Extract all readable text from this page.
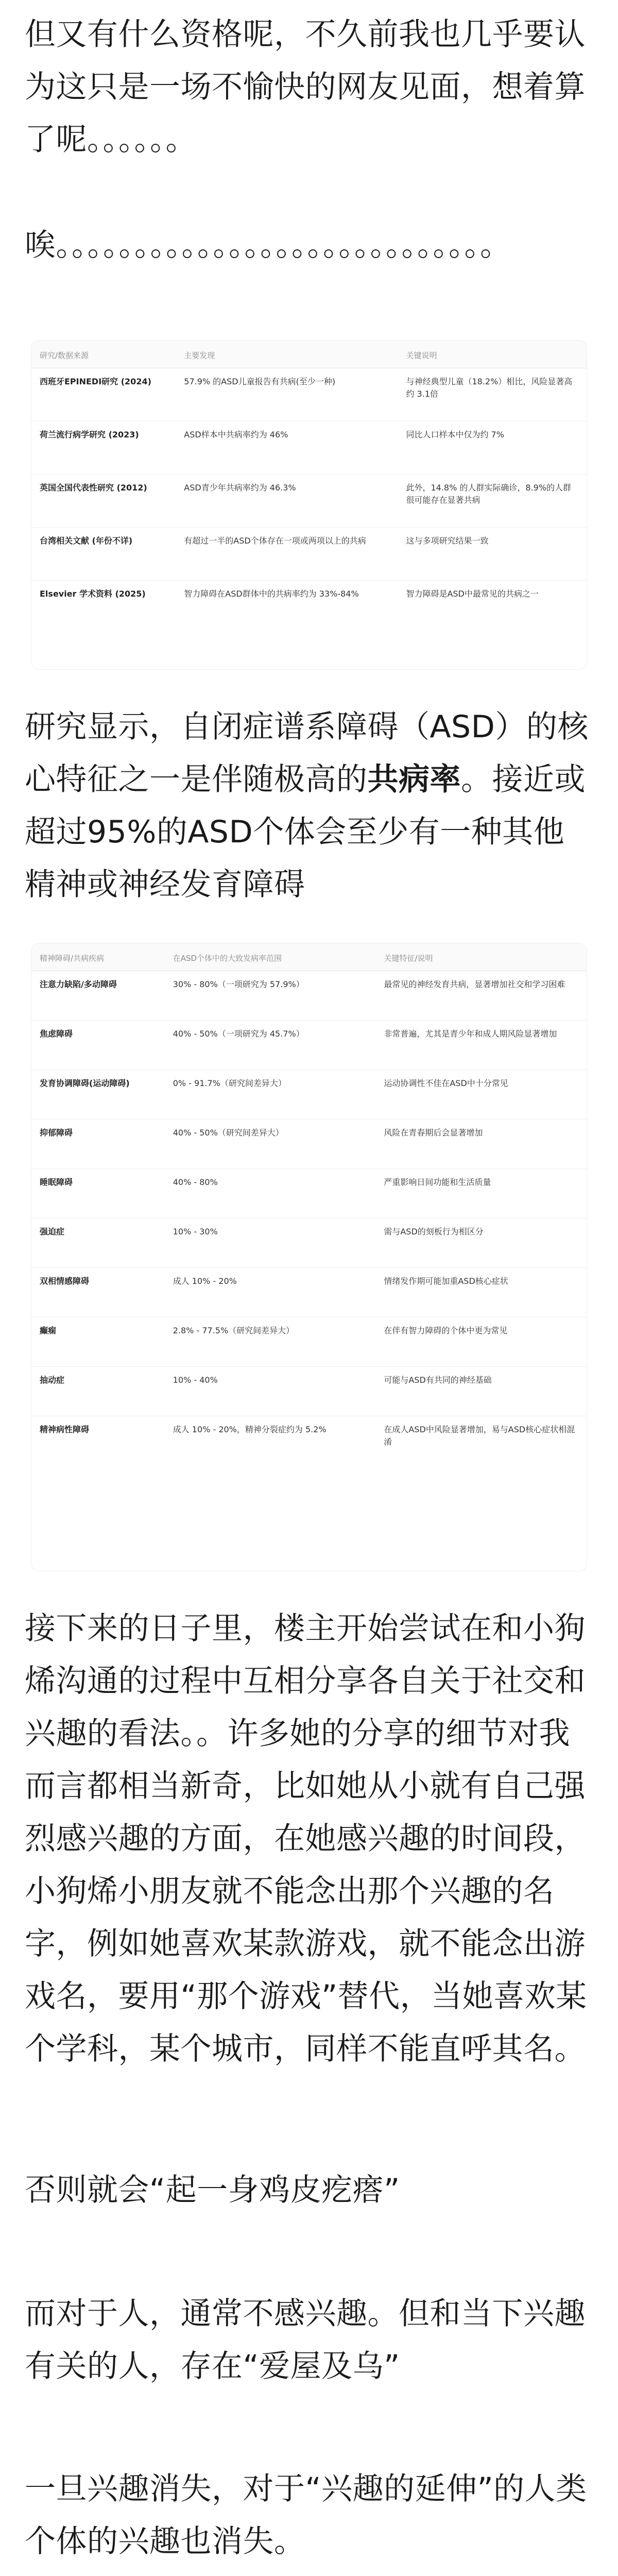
但又有什么资格呢，不久前我也几乎要认为这只是一场不愉快的网友见面，想着算了呢。。。。。。

唉。。。。。。。。。。。。。。。。。。。。。。。。。。。。

研究/数据来源	主要发现	关键说明
西班牙EPINEDI研究 (2024)	57.9% 的ASD儿童报告有共病(至少一种)	与神经典型儿童（18.2%）相比，风险显著高约 3.1倍
荷兰流行病学研究 (2023)	ASD样本中共病率约为 46%	同比人口样本中仅为约 7%
英国全国代表性研究 (2012)	ASD青少年共病率约为 46.3%	此外，14.8% 的人群实际确诊，8.9%的人群很可能存在显著共病
台湾相关文献 (年份不详)	有超过一半的ASD个体存在一项或两项以上的共病	这与多项研究结果一致
Elsevier 学术资料 (2025)	智力障碍在ASD群体中的共病率约为 33%-84%	智力障碍是ASD中最常见的共病之一

研究显示，自闭症谱系障碍（ASD）的核心特征之一是伴随极高的共病率。接近或超过95%的ASD个体会至少有一种其他精神或神经发育障碍

精神障碍/共病疾病	在ASD个体中的大致发病率范围	关键特征/说明
注意力缺陷/多动障碍	30% - 80%（一项研究为 57.9%）	最常见的神经发育共病，显著增加社交和学习困难
焦虑障碍	40% - 50%（一项研究为 45.7%）	非常普遍，尤其是青少年和成人期风险显著增加
发育协调障碍(运动障碍)	0% - 91.7%（研究间差异大）	运动协调性不佳在ASD中十分常见
抑郁障碍	40% - 50%（研究间差异大）	风险在青春期后会显著增加
睡眠障碍	40% - 80%	严重影响日间功能和生活质量
强迫症	10% - 30%	需与ASD的刻板行为相区分
双相情感障碍	成人 10% - 20%	情绪发作期可能加重ASD核心症状
癫痫	2.8% - 77.5%（研究间差异大）	在伴有智力障碍的个体中更为常见
抽动症	10% - 40%	可能与ASD有共同的神经基础
精神病性障碍	成人 10% - 20%，精神分裂症约为 5.2%	在成人ASD中风险显著增加，易与ASD核心症状相混淆

接下来的日子里，楼主开始尝试在和小狗烯沟通的过程中互相分享各自关于社交和兴趣的看法。。许多她的分享的细节对我而言都相当新奇，比如她从小就有自己强烈感兴趣的方面，在她感兴趣的时间段，小狗烯小朋友就不能念出那个兴趣的名字，例如她喜欢某款游戏，就不能念出游戏名，要用“那个游戏”替代，当她喜欢某个学科，某个城市，同样不能直呼其名。

否则就会“起一身鸡皮疙瘩”

而对于人，通常不感兴趣。但和当下兴趣有关的人，存在“爱屋及乌”

一旦兴趣消失，对于“兴趣的延伸”的人类个体的兴趣也消失。
